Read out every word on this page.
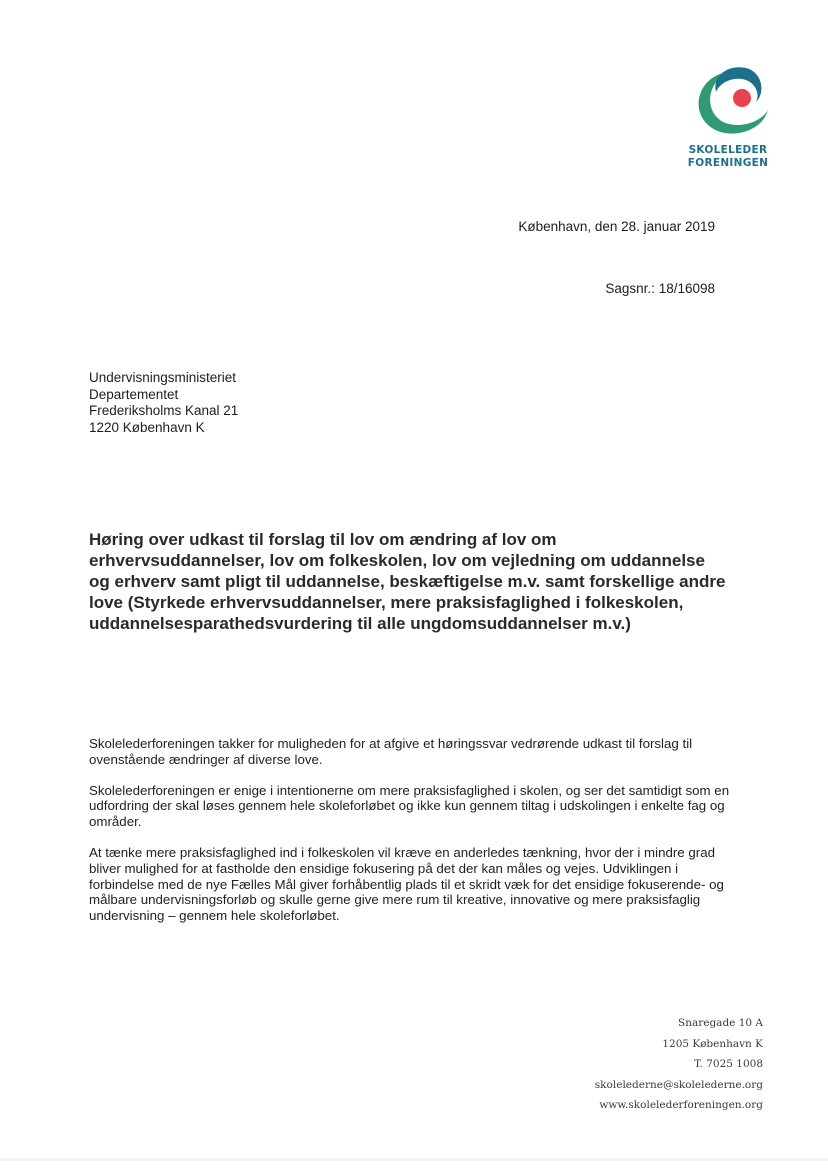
SKOLELEDER
FORENINGEN
København, den 28. januar 2019
Sagsnr.: 18/16098
Undervisningsministeriet
Departementet
Frederiksholms Kanal 21
1220 København K
Høring over udkast til forslag til lov om ændring af lov om erhvervsuddannelser, lov om folkeskolen, lov om vejledning om uddannelse og erhverv samt pligt til uddannelse, beskæftigelse m.v. samt forskellige andre love (Styrkede erhvervsuddannelser, mere praksisfaglighed i folkeskolen, uddannelsesparathedsvurdering til alle ungdomsuddannelser m.v.)

Skolelederforeningen takker for muligheden for at afgive et høringssvar vedrørende udkast til forslag til ovenstående ændringer af diverse love.

Skolelederforeningen er enige i intentionerne om mere praksisfaglighed i skolen, og ser det samtidigt som en udfordring der skal løses gennem hele skoleforløbet og ikke kun gennem tiltag i udskolingen i enkelte fag og områder.

At tænke mere praksisfaglighed ind i folkeskolen vil kræve en anderledes tænkning, hvor der i mindre grad bliver mulighed for at fastholde den ensidige fokusering på det der kan måles og vejes. Udviklingen i forbindelse med de nye Fælles Mål giver forhåbentlig plads til et skridt væk for det ensidige fokuserende- og målbare undervisningsforløb og skulle gerne give mere rum til kreative, innovative og mere praksisfaglig undervisning – gennem hele skoleforløbet.

Snaregade 10 A
1205 København K
T. 7025 1008
skolelederne@skolelederne.org
www.skolelederforeningen.org
